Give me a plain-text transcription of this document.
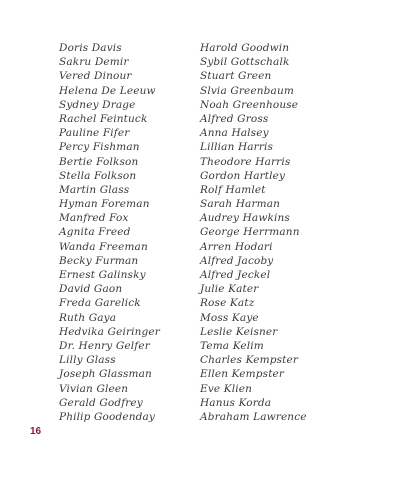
Doris Davis
Sakru Demir
Vered Dinour
Helena De Leeuw
Sydney Drage
Rachel Feintuck
Pauline Fifer
Percy Fishman
Bertie Folkson
Stella Folkson
Martin Glass
Hyman Foreman
Manfred Fox
Agnita Freed
Wanda Freeman
Becky Furman
Ernest Galinsky
David Gaon
Freda Garelick
Ruth Gaya
Hedvika Geiringer
Dr. Henry Gelfer
Lilly Glass
Joseph Glassman
Vivian Gleen
Gerald Godfrey
Philip Goodenday
Harold Goodwin
Sybil Gottschalk
Stuart Green
Slvia Greenbaum
Noah Greenhouse
Alfred Gross
Anna Halsey
Lillian Harris
Theodore Harris
Gordon Hartley
Rolf Hamlet
Sarah Harman
Audrey Hawkins
George Herrmann
Arren Hodari
Alfred Jacoby
Alfred Jeckel
Julie Kater
Rose Katz
Moss Kaye
Leslie Keisner
Tema Kelim
Charles Kempster
Ellen Kempster
Eve Klien
Hanus Korda
Abraham Lawrence
16
